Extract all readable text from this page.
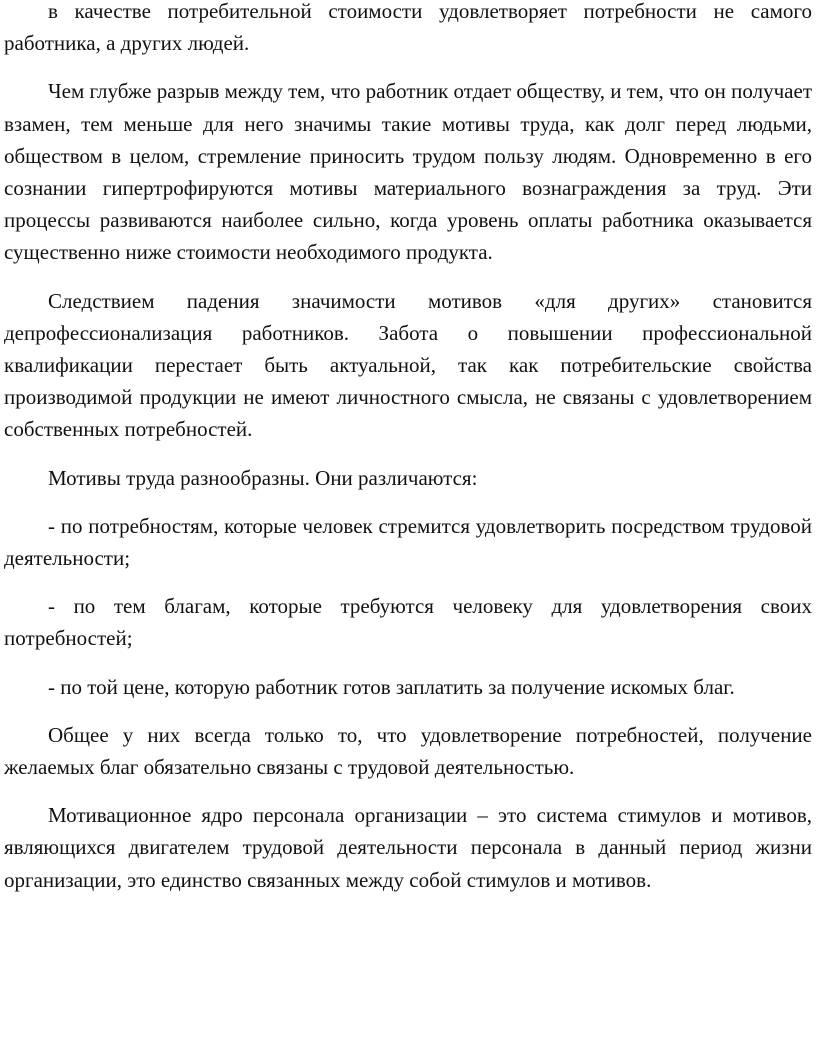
в качестве потребительной стоимости удовлетворяет потребности не самого работника, а других людей.

Чем глубже разрыв между тем, что работник отдает обществу, и тем, что он получает взамен, тем меньше для него значимы такие мотивы труда, как долг перед людьми, обществом в целом, стремление приносить трудом пользу людям. Одновременно в его сознании гипертрофируются мотивы материального вознаграждения за труд. Эти процессы развиваются наиболее сильно, когда уровень оплаты работника оказывается существенно ниже стоимости необходимого продукта.

Следствием падения значимости мотивов «для других» становится депрофессионализация работников. Забота о повышении профессиональной квалификации перестает быть актуальной, так как потребительские свойства производимой продукции не имеют личностного смысла, не связаны с удовлетворением собственных потребностей.

Мотивы труда разнообразны. Они различаются:

- по потребностям, которые человек стремится удовлетворить посредством трудовой деятельности;

- по тем благам, которые требуются человеку для удовлетворения своих потребностей;

- по той цене, которую работник готов заплатить за получение искомых благ.

Общее у них всегда только то, что удовлетворение потребностей, получение желаемых благ обязательно связаны с трудовой деятельностью.

Мотивационное ядро персонала организации – это система стимулов и мотивов, являющихся двигателем трудовой деятельности персонала в данный период жизни организации, это единство связанных между собой стимулов и мотивов.
